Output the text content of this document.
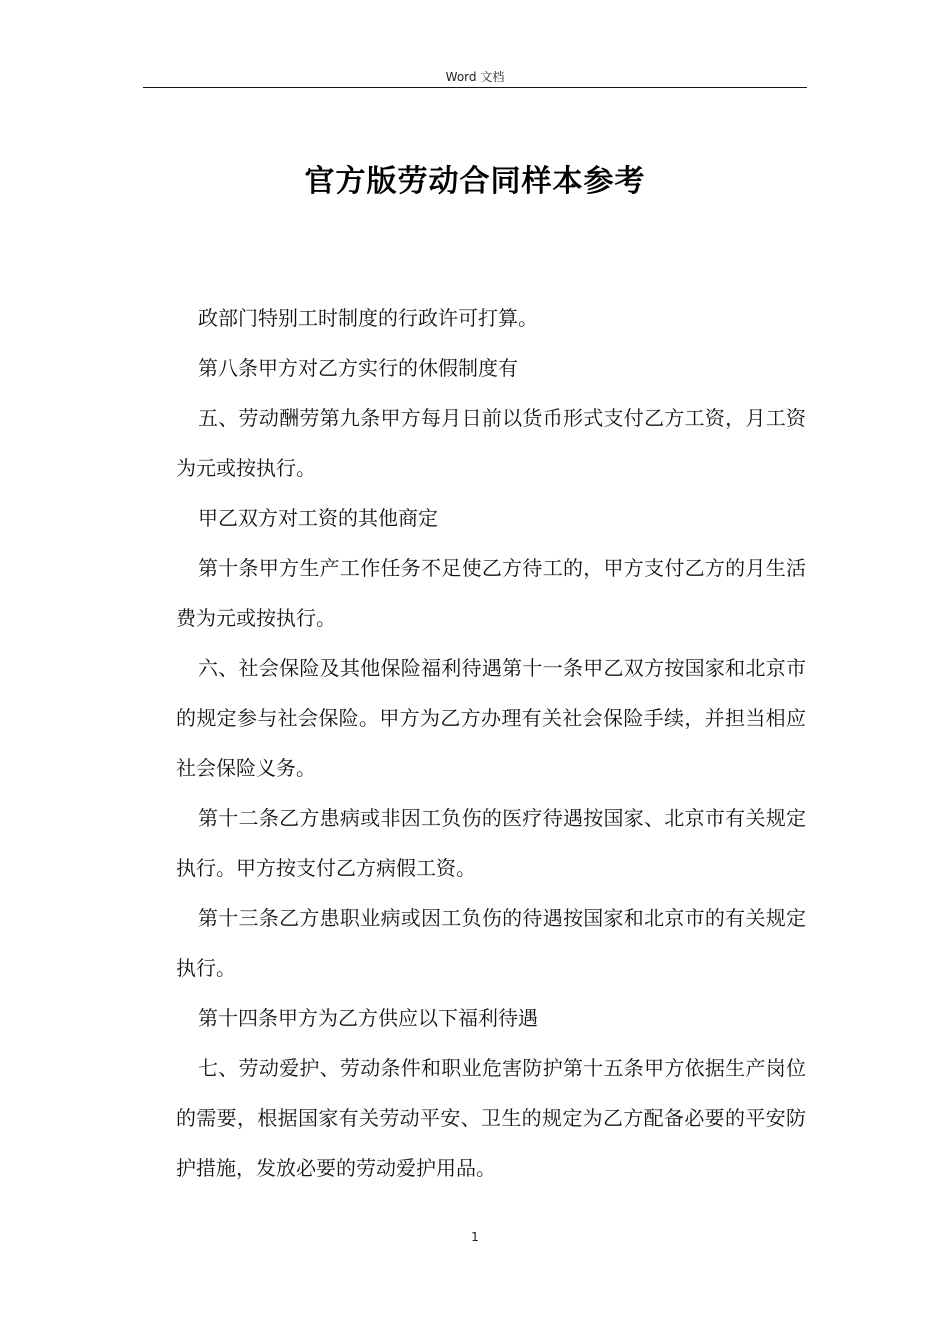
Word 文档
官方版劳动合同样本参考

政部门特别工时制度的行政许可打算。

第八条甲方对乙方实行的休假制度有

五、劳动酬劳第九条甲方每月日前以货币形式支付乙方工资，月工资为元或按执行。

甲乙双方对工资的其他商定

第十条甲方生产工作任务不足使乙方待工的，甲方支付乙方的月生活费为元或按执行。

六、社会保险及其他保险福利待遇第十一条甲乙双方按国家和北京市的规定参与社会保险。甲方为乙方办理有关社会保险手续，并担当相应社会保险义务。

第十二条乙方患病或非因工负伤的医疗待遇按国家、北京市有关规定执行。甲方按支付乙方病假工资。

第十三条乙方患职业病或因工负伤的待遇按国家和北京市的有关规定执行。

第十四条甲方为乙方供应以下福利待遇

七、劳动爱护、劳动条件和职业危害防护第十五条甲方依据生产岗位的需要，根据国家有关劳动平安、卫生的规定为乙方配备必要的平安防护措施，发放必要的劳动爱护用品。

1
